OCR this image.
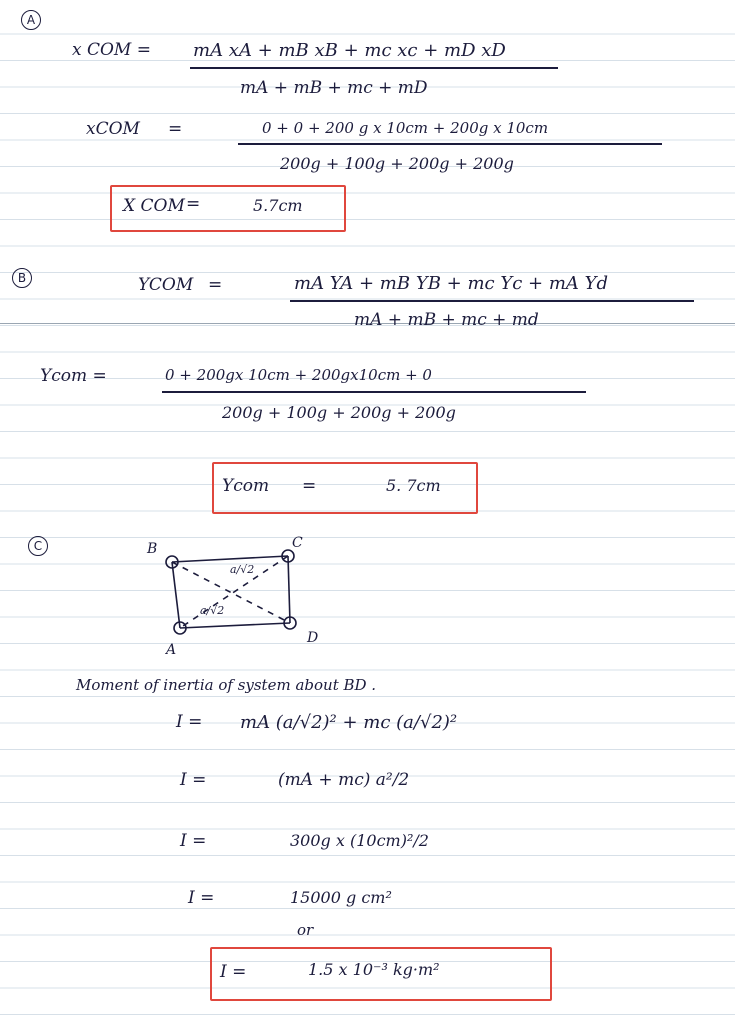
A
x COM = mA xA + mB xB + mc xc + mD xD
mA + mB + mc + mD
xCOM =	0 + 0 + 200 g x 10cm + 200g x 10cm
200g + 100g + 200g + 200g
X COM =	5.7cm
B	YCOM =	mA YA + mB YB + mc Yc + mA Yd
mA + mB + mc + md
Ycom =	0 + 200gx 10cm + 200gx10cm + 0
200g + 100g + 200g + 200g
Ycom =	5. 7cm
C	B	C
A
D
a/√2
a/√2
Moment of inertia of system about BD .
I = mA (a/√2)² + mc (a/√2)²
I =	(mA + mc) a²/2
I =	300g x (10cm)²/2
I =	15000 g cm²
or
I =	1.5 x 10⁻³ kg·m²
